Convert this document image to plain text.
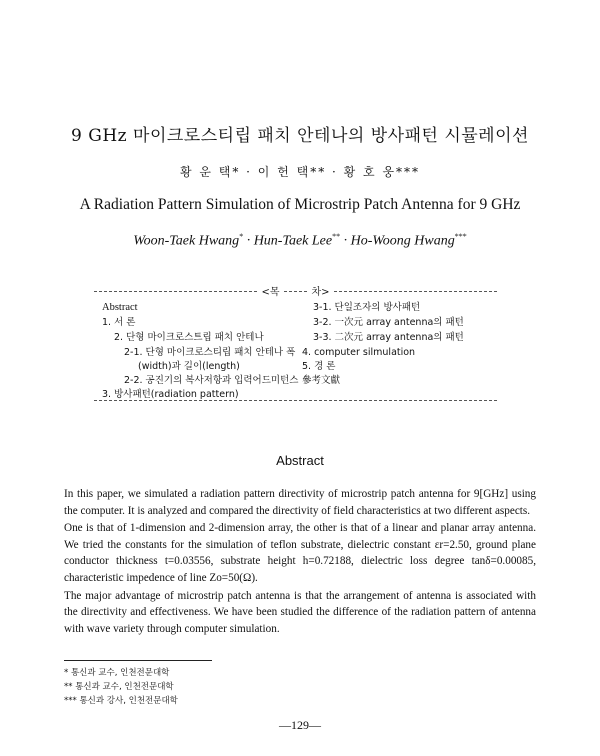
9 GHz 마이크로스티립 패치 안테나의 방사패턴 시뮬레이션
황 운 택* · 이 헌 택** · 황 호 웅***
A Radiation Pattern Simulation of Microstrip Patch Antenna for 9 GHz
Woon-Taek Hwang* · Hun-Taek Lee** · Ho-Woong Hwang***
<목	차>
Abstract
1. 서 론
2. 단형 마이크로스트립 패치 안테나
2-1. 단형 마이크로스티립 패치 안테나 폭
(width)과 길이(length)
2-2. 공진기의 복사저항과 입력어드미턴스
3. 방사패턴(radiation pattern)
3-1. 단일조자의 방사패턴
3-2. 一次元 array antenna의 패턴
3-3. 二次元 array antenna의 패턴
4. computer silmulation
5. 경 론
參考文獻
Abstract

In this paper, we simulated a radiation pattern directivity of microstrip patch antenna for 9[GHz] using the computer. It is analyzed and compared the directivity of field characteristics at two different aspects.

One is that of 1-dimension and 2-dimension array, the other is that of a linear and planar array antenna. We tried the constants for the simulation of teflon substrate, dielectric constant εr=2.50, ground plane conductor thickness t=0.03556, substrate height h=0.72188, dielectric loss degree tanδ=0.00085, characteristic impedence of line Zo=50(Ω).

The major advantage of microstrip patch antenna is that the arrangement of antenna is associated with the directivity and effectiveness. We have been studied the difference of the radiation pattern of antenna with wave variety through computer simulation.

* 통신과 교수, 인천전문대학
** 통신과 교수, 인천전문대학
*** 통신과 강사, 인천전문대학
—129—
